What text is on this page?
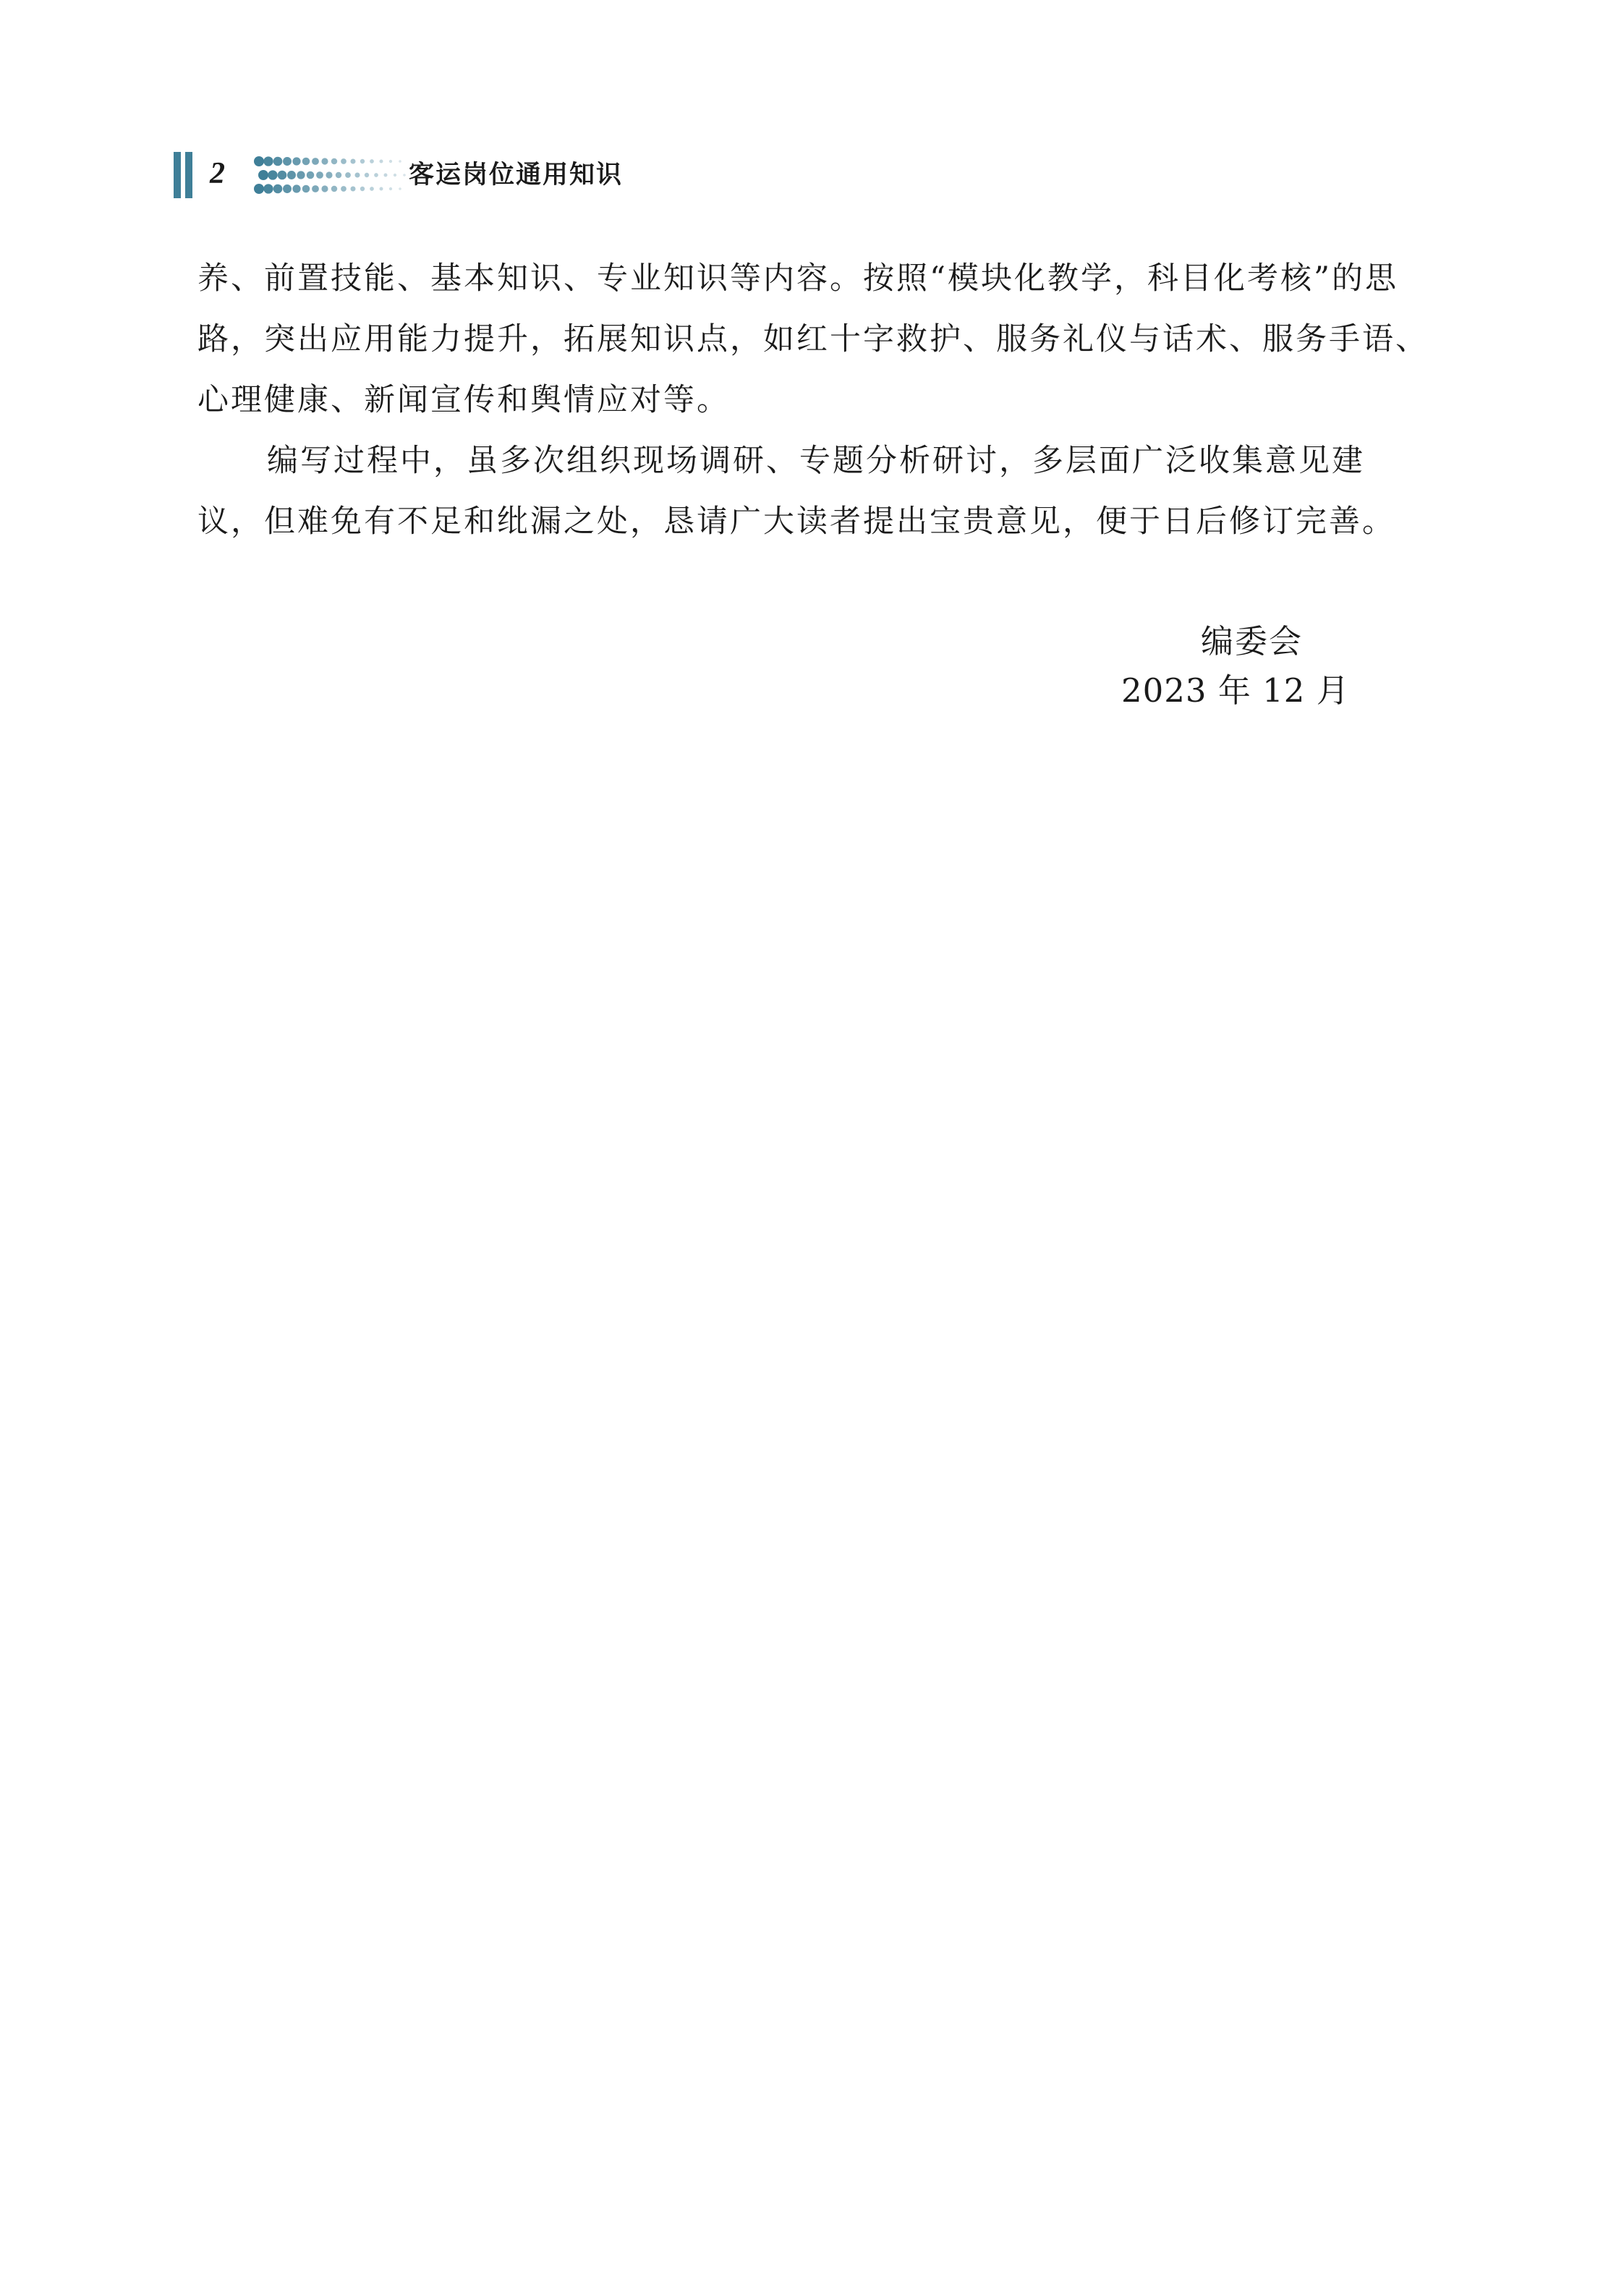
2	客运岗位通用知识
养、前置技能、基本知识、专业知识等内容。按照“模块化教学，科目化考核”的思
路，突出应用能力提升，拓展知识点，如红十字救护、服务礼仪与话术、服务手语、
心理健康、新闻宣传和舆情应对等。
编写过程中，虽多次组织现场调研、专题分析研讨，多层面广泛收集意见建
议，但难免有不足和纰漏之处，恳请广大读者提出宝贵意见，便于日后修订完善。
编委会
2023 年 12 月
